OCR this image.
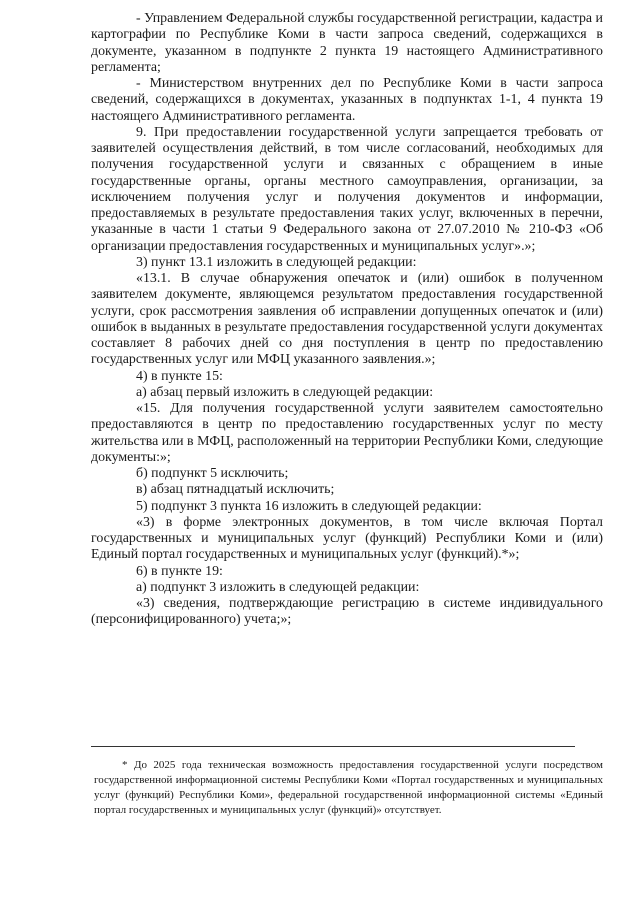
- Управлением Федеральной службы государственной регистрации, кадастра и картографии по Республике Коми в части запроса сведений, содержащихся в документе, указанном в подпункте 2 пункта 19 настоящего Административного регламента;

- Министерством внутренних дел по Республике Коми в части запроса сведений, содержащихся в документах, указанных в подпунктах 1-1, 4 пункта 19 настоящего Административного регламента.

9. При предоставлении государственной услуги запрещается требовать от заявителей осуществления действий, в том числе согласований, необходимых для получения государственной услуги и связанных с обращением в иные государственные органы, органы местного самоуправления, организации, за исключением получения услуг и получения документов и информации, предоставляемых в результате предоставления таких услуг, включенных в перечни, указанные в части 1 статьи 9 Федерального закона от 27.07.2010 № 210-ФЗ «Об организации предоставления государственных и муниципальных услуг».»;

3) пункт 13.1 изложить в следующей редакции:

«13.1. В случае обнаружения опечаток и (или) ошибок в полученном заявителем документе, являющемся результатом предоставления государственной услуги, срок рассмотрения заявления об исправлении допущенных опечаток и (или) ошибок в выданных в результате предоставления государственной услуги документах составляет 8 рабочих дней со дня поступления в центр по предоставлению государственных услуг или МФЦ указанного заявления.»;

4) в пункте 15:

а) абзац первый изложить в следующей редакции:

«15. Для получения государственной услуги заявителем самостоятельно предоставляются в центр по предоставлению государственных услуг по месту жительства или в МФЦ, расположенный на территории Республики Коми, следующие документы:»;

б) подпункт 5 исключить;

в) абзац пятнадцатый исключить;

5) подпункт 3 пункта 16 изложить в следующей редакции:

«3) в форме электронных документов, в том числе включая Портал государственных и муниципальных услуг (функций) Республики Коми и (или) Единый портал государственных и муниципальных услуг (функций).*»;

6) в пункте 19:

а) подпункт 3 изложить в следующей редакции:

«3) сведения, подтверждающие регистрацию в системе индивидуального (персонифицированного) учета;»;

* До 2025 года техническая возможность предоставления государственной услуги посредством государственной информационной системы Республики Коми «Портал государственных и муниципальных услуг (функций) Республики Коми», федеральной государственной информационной системы «Единый портал государственных и муниципальных услуг (функций)» отсутствует.
